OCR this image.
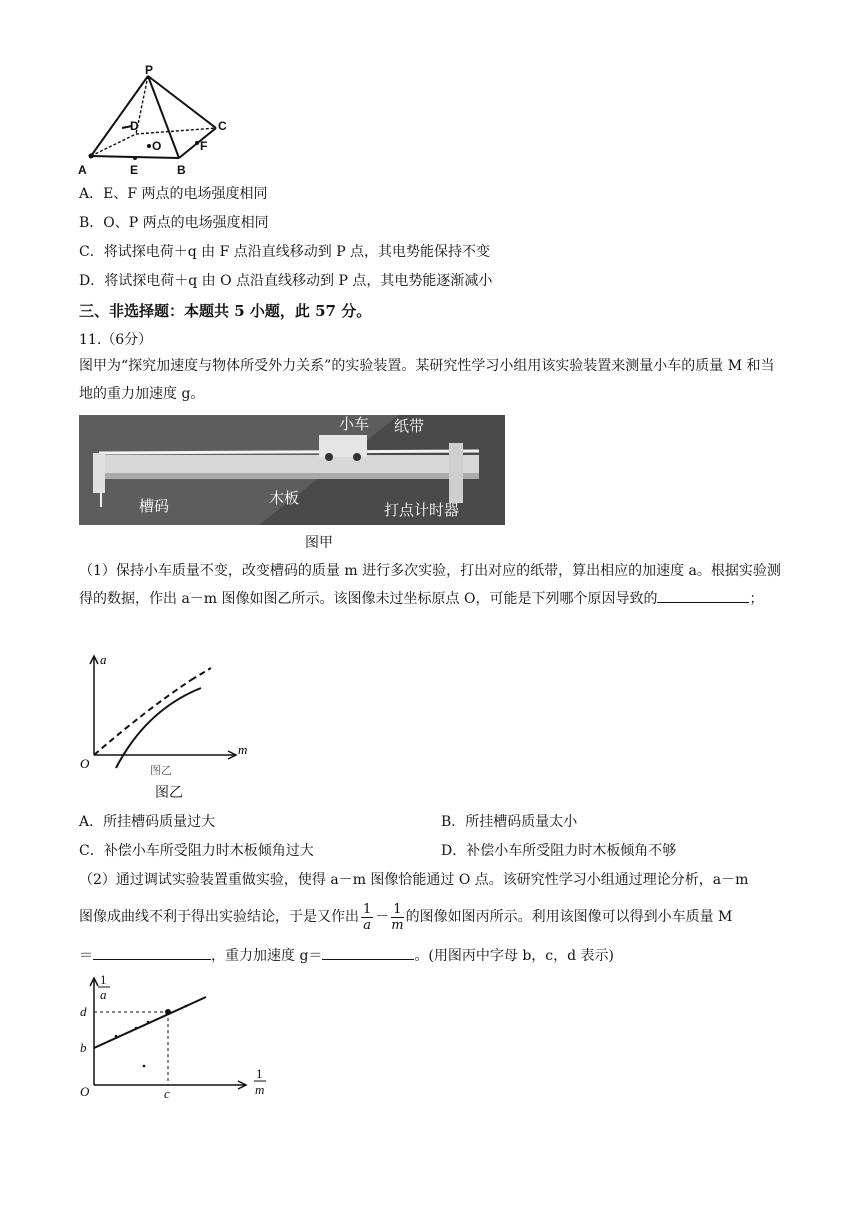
P
D	C
O	F
A	E	B
A．E、F 两点的电场强度相同
B．O、P 两点的电场强度相同
C．将试探电荷＋q 由 F 点沿直线移动到 P 点，其电势能保持不变
D．将试探电荷＋q 由 O 点沿直线移动到 P 点，其电势能逐渐减小
三、非选择题：本题共 5 小题，此 57 分。
11.（6分）
图甲为“探究加速度与物体所受外力关系”的实验装置。某研究性学习小组用该实验装置来测量小车的质量 M 和当地的重力加速度 g。
小车 纸带
槽码	木板
打点计时器
图甲
（1）保持小车质量不变，改变槽码的质量 m 进行多次实验，打出对应的纸带，算出相应的加速度 a。根据实验测得的数据，作出 a－m 图像如图乙所示。该图像未过坐标原点 O，可能是下列哪个原因导致的	；
a
m
O	图乙
图乙
A．所挂槽码质量过大	B．所挂槽码质量太小
C．补偿小车所受阻力时木板倾角过大	D．补偿小车所受阻力时木板倾角不够
（2）通过调试实验装置重做实验，使得 a－m 图像恰能通过 O 点。该研究性学习小组通过理论分析，a－m
图像成曲线不利于得出实验结论，于是又作出 $\frac{1}{a} - \frac{1}{m}$ 的图像如图丙所示。利用该图像可以得到小车质量 M
＝	，重力加速度 g＝	。(用图丙中字母 b，c，d 表示)
1
a
d
b
O	c
1
m
